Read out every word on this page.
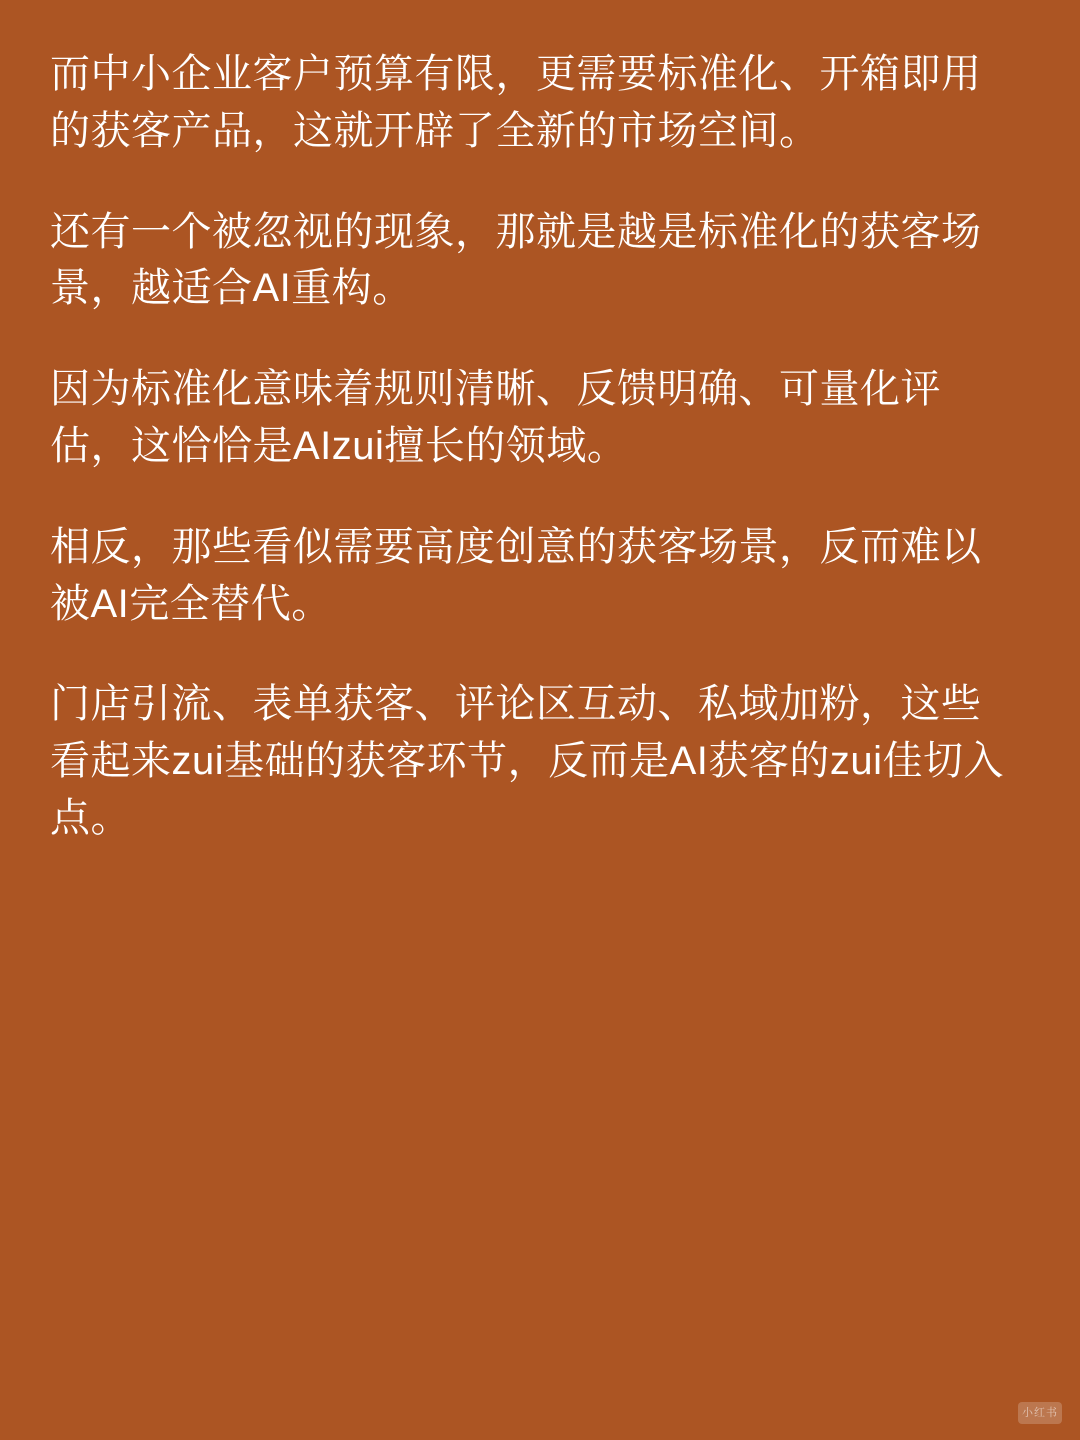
而中小企业客户预算有限，更需要标准化、开箱即用的获客产品，这就开辟了全新的市场空间。

还有一个被忽视的现象，那就是越是标准化的获客场景，越适合AI重构。

因为标准化意味着规则清晰、反馈明确、可量化评估，这恰恰是AIzui擅长的领域。

相反，那些看似需要高度创意的获客场景，反而难以被AI完全替代。

门店引流、表单获客、评论区互动、私域加粉，这些看起来zui基础的获客环节，反而是AI获客的zui佳切入点。

小红书
